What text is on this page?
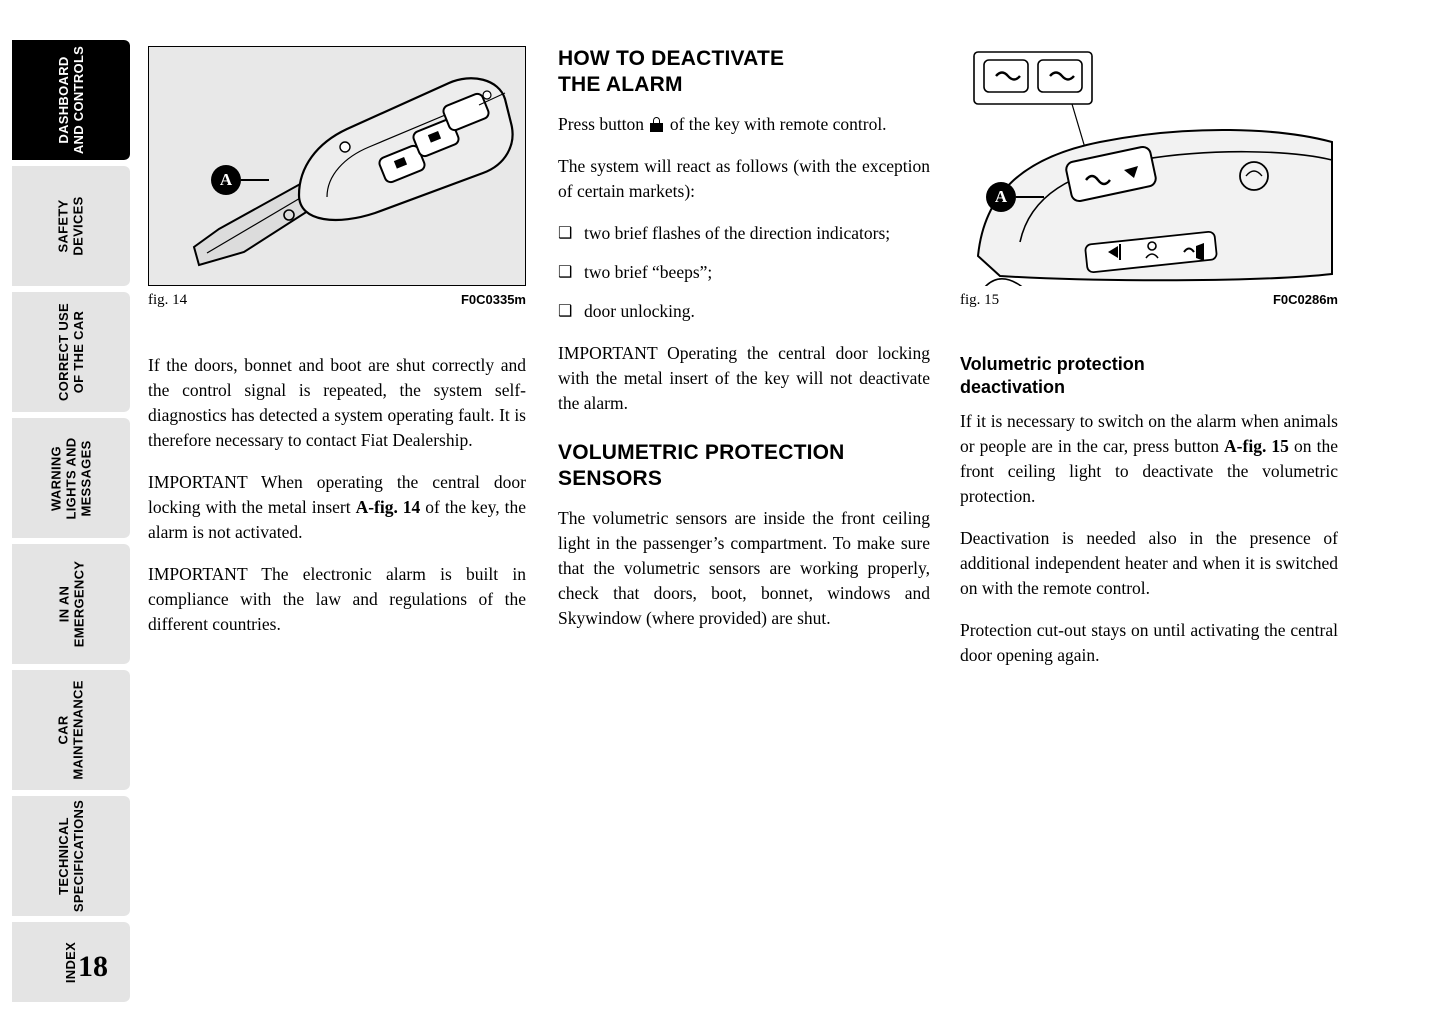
DASHBOARD
AND CONTROLS
SAFETY
DEVICES
CORRECT USE
OF THE CAR
WARNING
LIGHTS AND
MESSAGES
IN AN
EMERGENCY
CAR
MAINTENANCE
TECHNICAL
SPECIFICATIONS
INDEX 18
A
fig. 14	F0C0335m

If the doors, bonnet and boot are shut correctly and the control signal is repeated, the system self-diagnostics has detected a system operating fault. It is therefore necessary to contact Fiat Dealership.

IMPORTANT When operating the central door locking with the metal insert A-fig. 14 of the key, the alarm is not activated.

IMPORTANT The electronic alarm is built in compliance with the law and regulations of the different countries.

HOW TO DEACTIVATE
THE ALARM

Press button of the key with remote control.

The system will react as follows (with the exception of certain markets):

❑ two brief flashes of the direction indicators;
❑ two brief “beeps”;
❑ door unlocking.

IMPORTANT Operating the central door locking with the metal insert of the key will not deactivate the alarm.

VOLUMETRIC PROTECTION
SENSORS

The volumetric sensors are inside the front ceiling light in the passenger’s compartment. To make sure that the volumetric sensors are working properly, check that doors, boot, bonnet, windows and Skywindow (where provided) are shut.

A
fig. 15	F0C0286m
Volumetric protection
deactivation

If it is necessary to switch on the alarm when animals or people are in the car, press button A-fig. 15 on the front ceiling light to deactivate the volumetric protection.

Deactivation is needed also in the presence of additional independent heater and when it is switched on with the remote control.

Protection cut-out stays on until activating the central door opening again.
